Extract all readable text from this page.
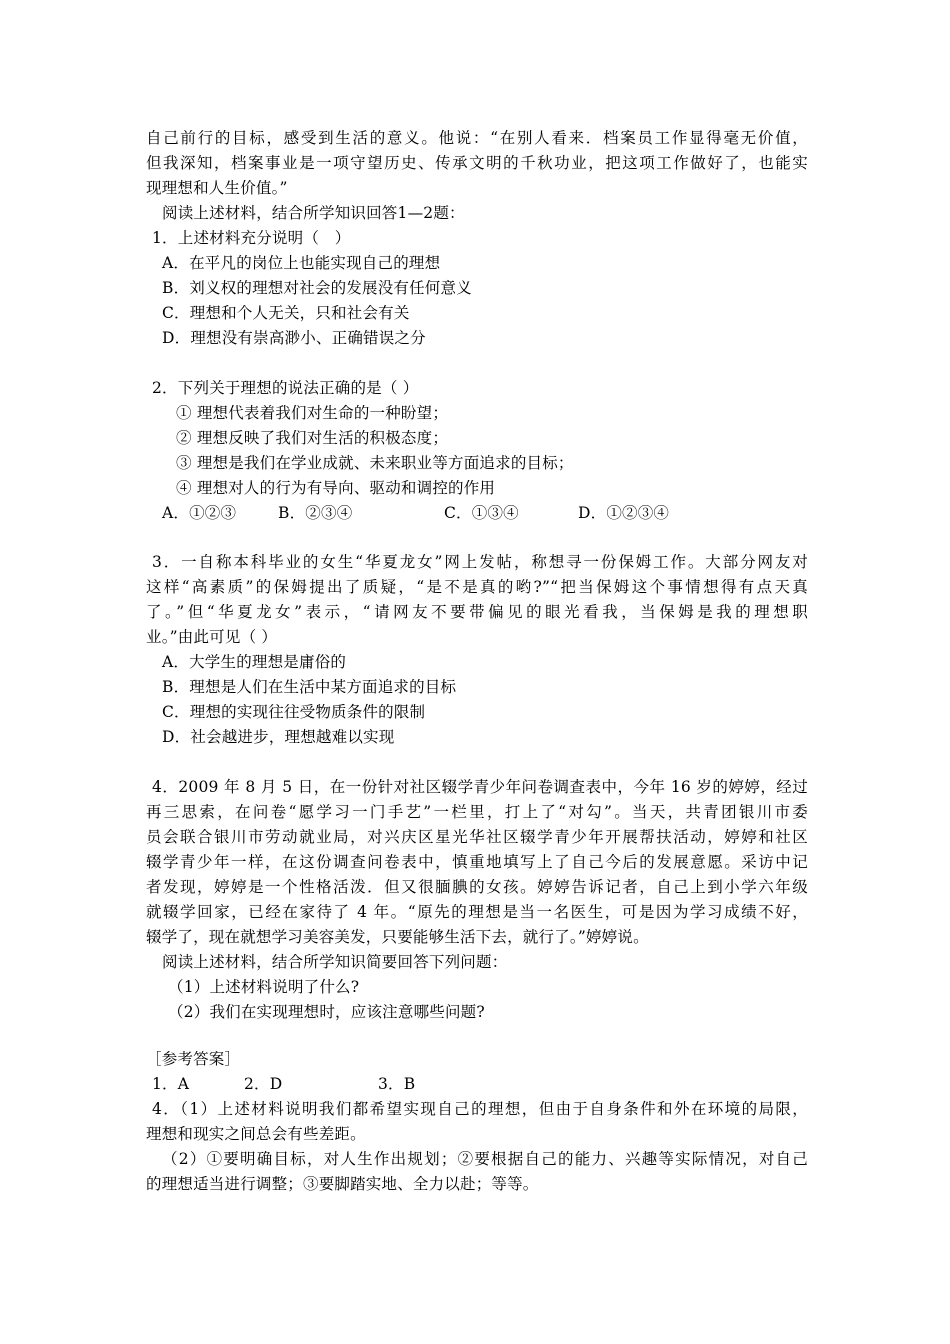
自己前行的目标，感受到生活的意义。他说：“在别人看来．档案员工作显得毫无价值，
但我深知，档案事业是一项守望历史、传承文明的千秋功业，把这项工作做好了，也能实
现理想和人生价值。”
阅读上述材料，结合所学知识回答1—2题：
1．上述材料充分说明（　）
A．在平凡的岗位上也能实现自己的理想
B．刘义权的理想对社会的发展没有任何意义
C．理想和个人无关，只和社会有关
D．理想没有崇高渺小、正确错误之分
2．下列关于理想的说法正确的是（ ）
① 理想代表着我们对生命的一种盼望；
② 理想反映了我们对生活的积极态度；
③ 理想是我们在学业成就、未来职业等方面追求的目标；
④ 理想对人的行为有导向、驱动和调控的作用
A．①②③	B．②③④	C．①③④	D．①②③④
3．一自称本科毕业的女生“华夏龙女”网上发帖，称想寻一份保姆工作。大部分网友对
这样“高素质”的保姆提出了质疑，“是不是真的哟?”“把当保姆这个事情想得有点天真
了。”但“华夏龙女”表示，“请网友不要带偏见的眼光看我，当保姆是我的理想职
业。”由此可见（ ）
A．大学生的理想是庸俗的
B．理想是人们在生活中某方面追求的目标
C．理想的实现往往受物质条件的限制
D．社会越进步，理想越难以实现
4．2009 年 8 月 5 日，在一份针对社区辍学青少年问卷调查表中，今年 16 岁的婷婷，经过
再三思索，在问卷“愿学习一门手艺”一栏里，打上了“对勾”。当天，共青团银川市委
员会联合银川市劳动就业局，对兴庆区星光华社区辍学青少年开展帮扶活动，婷婷和社区
辍学青少年一样，在这份调查问卷表中，慎重地填写上了自己今后的发展意愿。采访中记
者发现，婷婷是一个性格活泼．但又很腼腆的女孩。婷婷告诉记者，自己上到小学六年级
就辍学回家，已经在家待了 4 年。“原先的理想是当一名医生，可是因为学习成绩不好，
辍学了，现在就想学习美容美发，只要能够生活下去，就行了。”婷婷说。
阅读上述材料，结合所学知识简要回答下列问题：
（1）上述材料说明了什么?
（2）我们在实现理想时，应该注意哪些问题?
［参考答案］
1．A	2．D	3．B
4．（1）上述材料说明我们都希望实现自己的理想，但由于自身条件和外在环境的局限，
理想和现实之间总会有些差距。
（2）①要明确目标，对人生作出规划；②要根据自己的能力、兴趣等实际情况，对自己
的理想适当进行调整；③要脚踏实地、全力以赴；等等。
